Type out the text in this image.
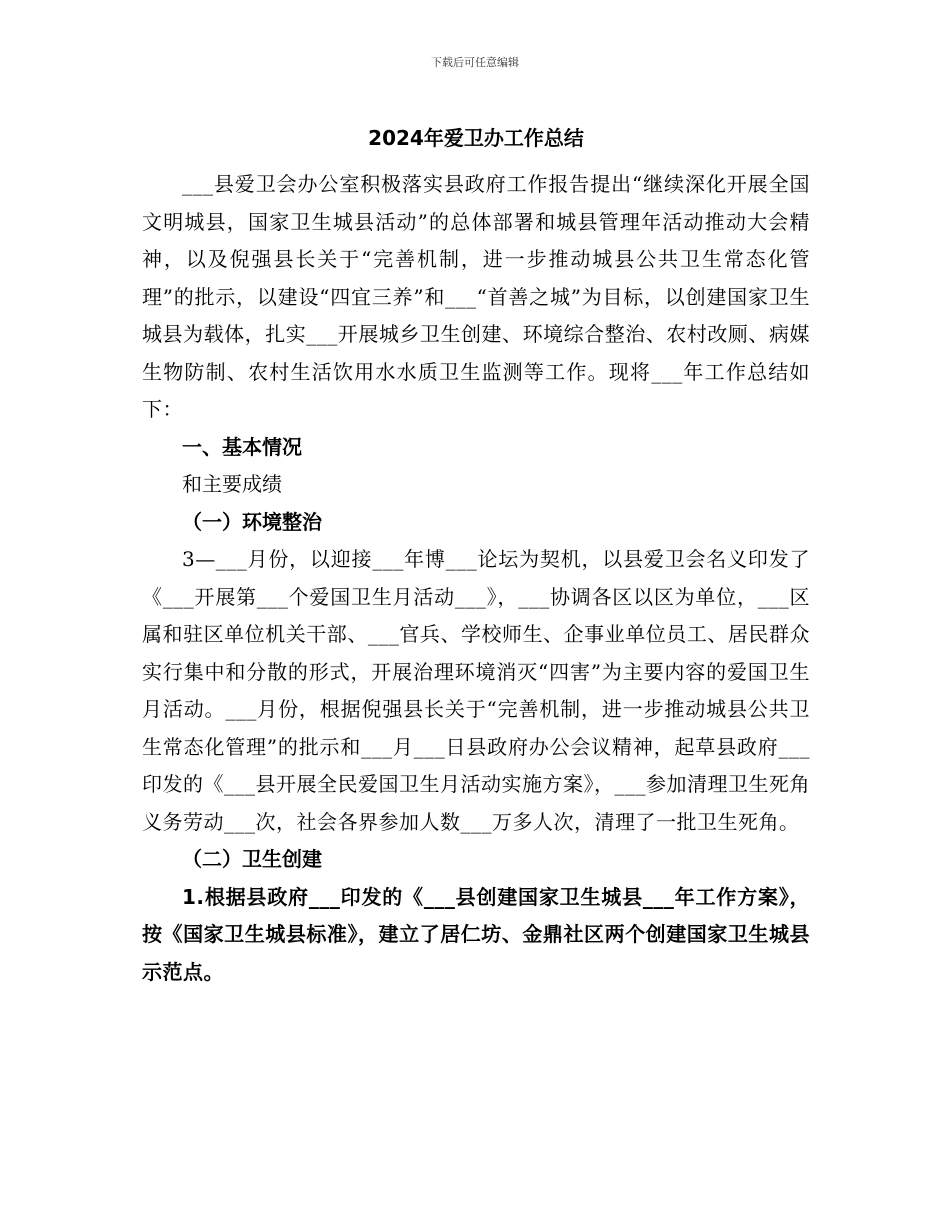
下载后可任意编辑
2024年爱卫办工作总结

___县爱卫会办公室积极落实县政府工作报告提出“继续深化开展全国文明城县，国家卫生城县活动”的总体部署和城县管理年活动推动大会精神，以及倪强县长关于“完善机制，进一步推动城县公共卫生常态化管理”的批示，以建设“四宜三养”和___“首善之城”为目标，以创建国家卫生城县为载体，扎实___开展城乡卫生创建、环境综合整治、农村改厕、病媒生物防制、农村生活饮用水水质卫生监测等工作。现将___年工作总结如下：

一、基本情况

和主要成绩

（一）环境整治

3—___月份，以迎接___年博___论坛为契机，以县爱卫会名义印发了《___开展第___个爱国卫生月活动___》，___协调各区以区为单位，___区属和驻区单位机关干部、___官兵、学校师生、企事业单位员工、居民群众实行集中和分散的形式，开展治理环境消灭“四害”为主要内容的爱国卫生月活动。___月份，根据倪强县长关于“完善机制，进一步推动城县公共卫生常态化管理”的批示和___月___日县政府办公会议精神，起草县政府___印发的《___县开展全民爱国卫生月活动实施方案》，___参加清理卫生死角义务劳动___次，社会各界参加人数___万多人次，清理了一批卫生死角。

（二）卫生创建

1.根据县政府___印发的《___县创建国家卫生城县___年工作方案》，按《国家卫生城县标准》，建立了居仁坊、金鼎社区两个创建国家卫生城县示范点。
